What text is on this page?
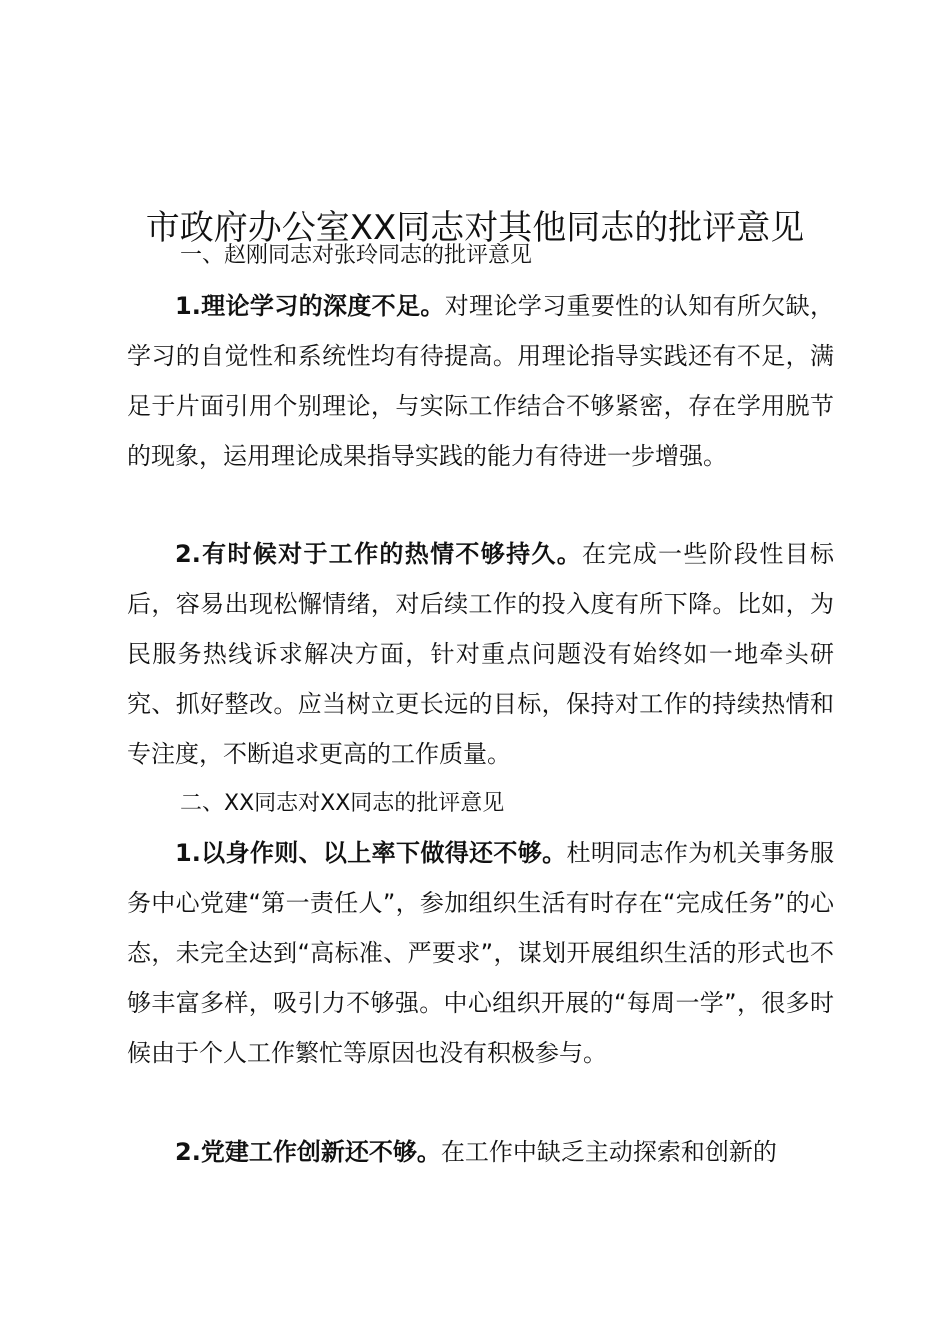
市政府办公室XX同志对其他同志的批评意见
一、赵刚同志对张玲同志的批评意见

1.理论学习的深度不足。对理论学习重要性的认知有所欠缺，学习的自觉性和系统性均有待提高。用理论指导实践还有不足，满足于片面引用个别理论，与实际工作结合不够紧密，存在学用脱节的现象，运用理论成果指导实践的能力有待进一步增强。

2.有时候对于工作的热情不够持久。在完成一些阶段性目标后，容易出现松懈情绪，对后续工作的投入度有所下降。比如，为民服务热线诉求解决方面，针对重点问题没有始终如一地牵头研究、抓好整改。应当树立更长远的目标，保持对工作的持续热情和专注度，不断追求更高的工作质量。

二、XX同志对XX同志的批评意见

1.以身作则、以上率下做得还不够。杜明同志作为机关事务服务中心党建“第一责任人”，参加组织生活有时存在“完成任务”的心态，未完全达到“高标准、严要求”，谋划开展组织生活的形式也不够丰富多样，吸引力不够强。中心组织开展的“每周一学”，很多时候由于个人工作繁忙等原因也没有积极参与。

2.党建工作创新还不够。在工作中缺乏主动探索和创新的
